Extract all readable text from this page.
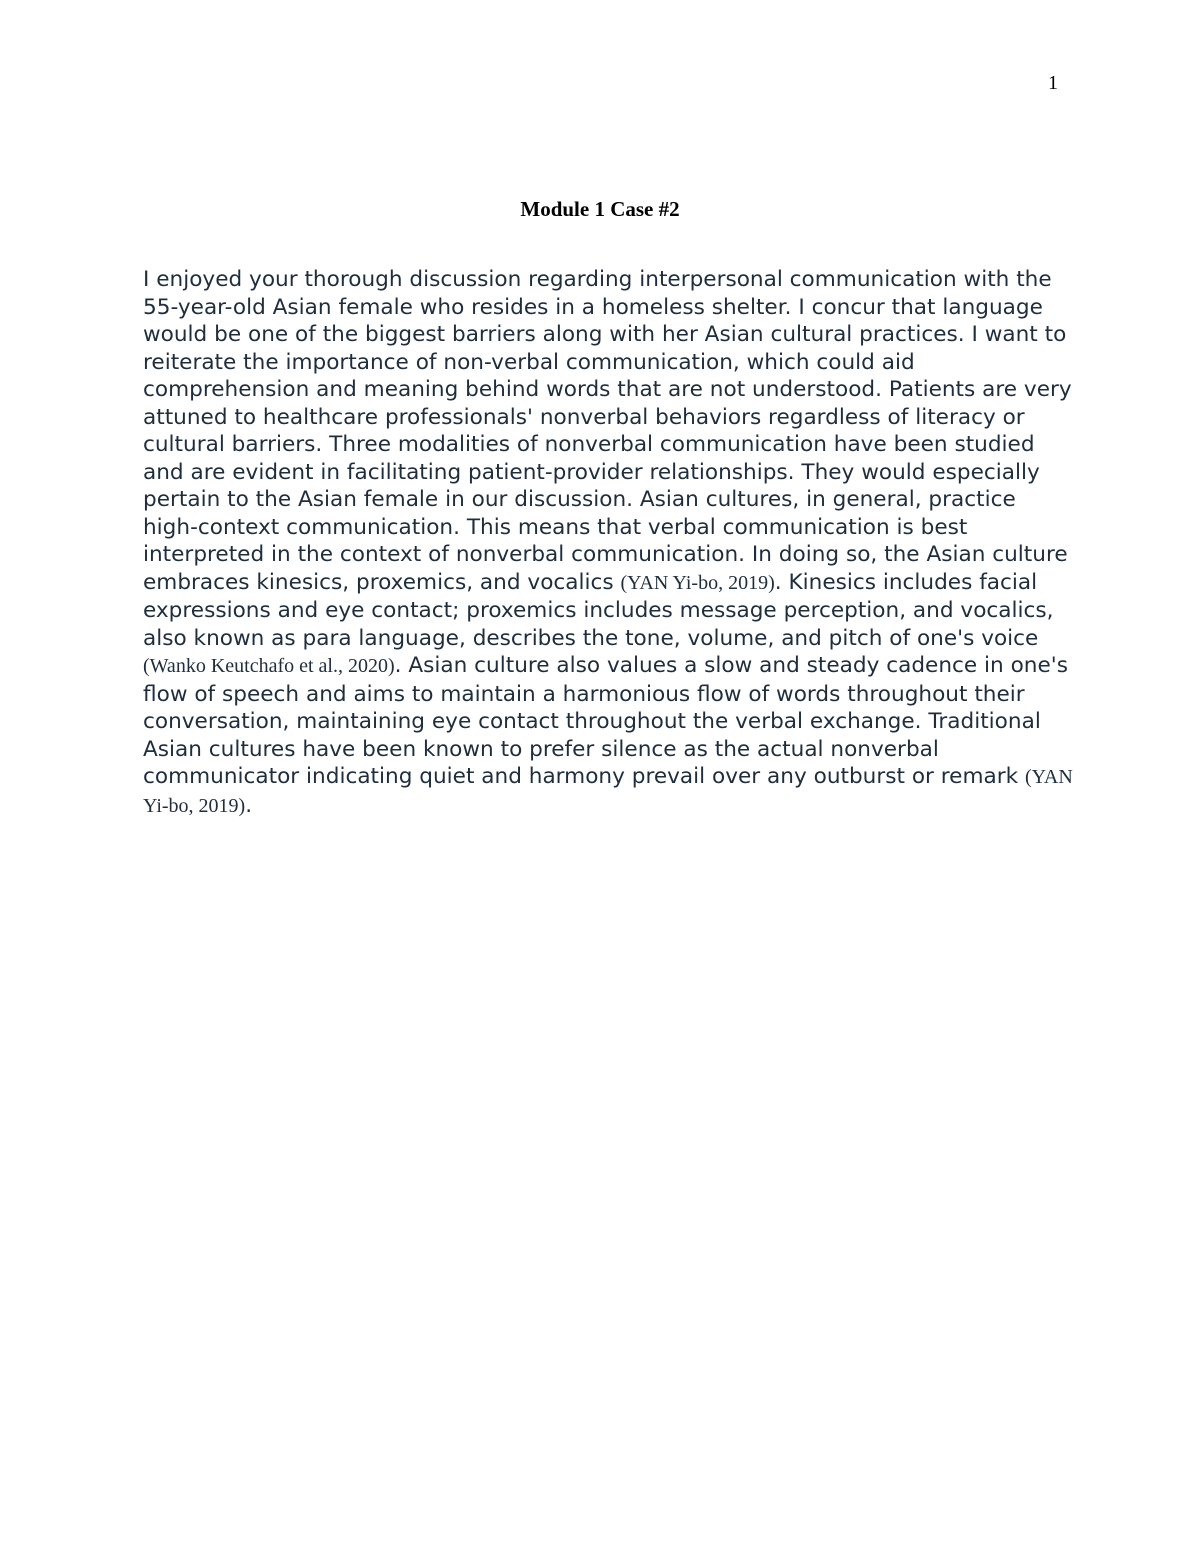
1
Module 1 Case #2

I enjoyed your thorough discussion regarding interpersonal communication with the 55-year-old Asian female who resides in a homeless shelter. I concur that language would be one of the biggest barriers along with her Asian cultural practices. I want to reiterate the importance of non-verbal communication, which could aid comprehension and meaning behind words that are not understood. Patients are very attuned to healthcare professionals' nonverbal behaviors regardless of literacy or cultural barriers. Three modalities of nonverbal communication have been studied and are evident in facilitating patient-provider relationships. They would especially pertain to the Asian female in our discussion. Asian cultures, in general, practice high-context communication. This means that verbal communication is best interpreted in the context of nonverbal communication. In doing so, the Asian culture embraces kinesics, proxemics, and vocalics (YAN Yi-bo, 2019). Kinesics includes facial expressions and eye contact; proxemics includes message perception, and vocalics, also known as para language, describes the tone, volume, and pitch of one's voice (Wanko Keutchafo et al., 2020). Asian culture also values a slow and steady cadence in one's flow of speech and aims to maintain a harmonious flow of words throughout their conversation, maintaining eye contact throughout the verbal exchange. Traditional Asian cultures have been known to prefer silence as the actual nonverbal communicator indicating quiet and harmony prevail over any outburst or remark (YAN Yi-bo, 2019).
